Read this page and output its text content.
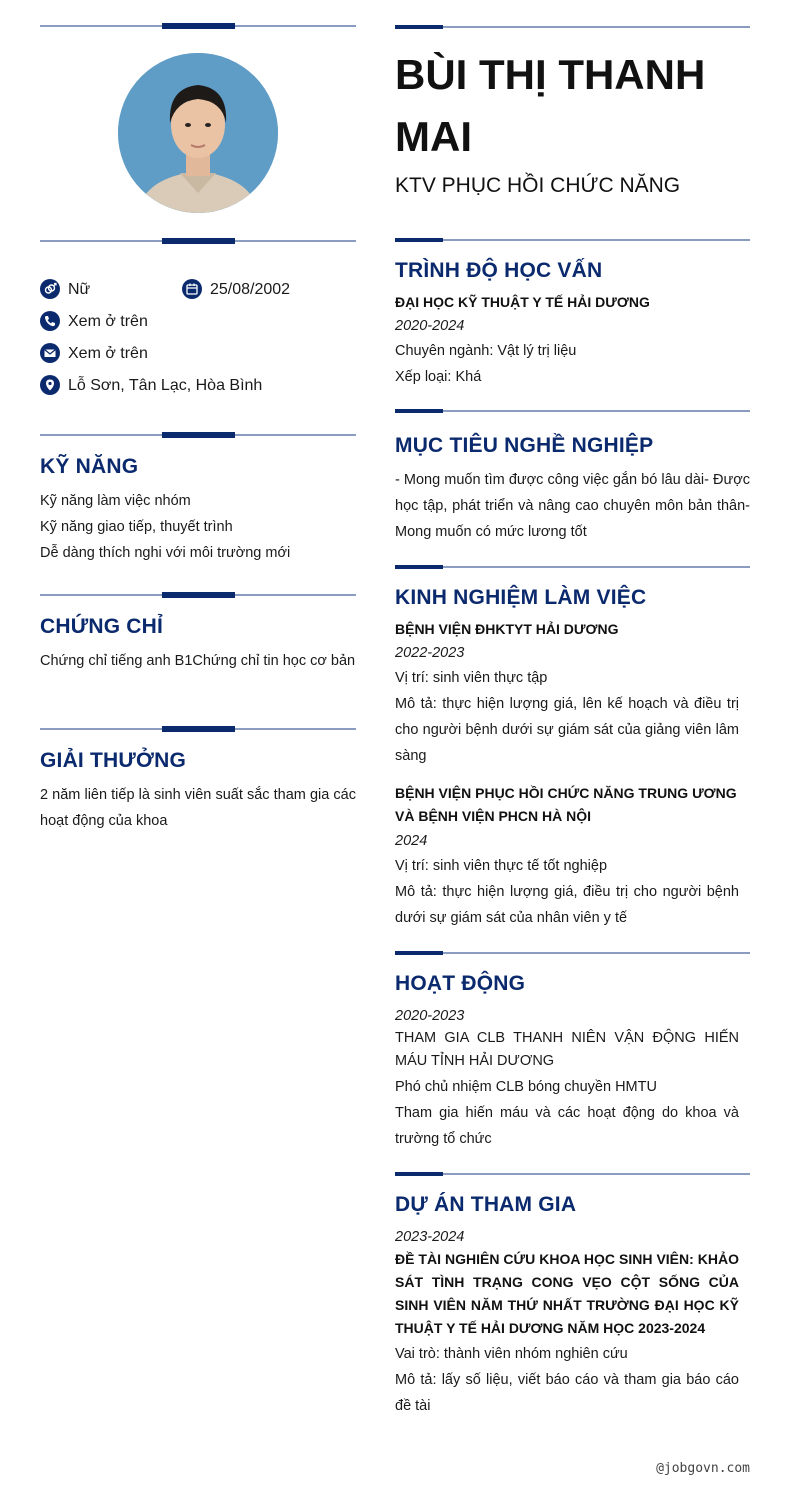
Nữ	25/08/2002
Xem ở trên
Xem ở trên
Lỗ Sơn, Tân Lạc, Hòa Bình
KỸ NĂNG
Kỹ năng làm việc nhóm
Kỹ năng giao tiếp, thuyết trình
Dễ dàng thích nghi với môi trường mới
CHỨNG CHỈ
Chứng chỉ tiếng anh B1Chứng chỉ tin học cơ bản
GIẢI THƯỞNG
2 năm liên tiếp là sinh viên suất sắc tham gia các hoạt động của khoa
BÙI THỊ THANH MAI
KTV PHỤC HỒI CHỨC NĂNG
TRÌNH ĐỘ HỌC VẤN
ĐẠI HỌC KỸ THUẬT Y TẾ HẢI DƯƠNG
2020-2024
Chuyên ngành: Vật lý trị liệu
Xếp loại: Khá
MỤC TIÊU NGHỀ NGHIỆP
- Mong muốn tìm được công việc gắn bó lâu dài- Được học tập, phát triển và nâng cao chuyên môn bản thân- Mong muốn có mức lương tốt
KINH NGHIỆM LÀM VIỆC
BỆNH VIỆN ĐHKTYT HẢI DƯƠNG
2022-2023
Vị trí: sinh viên thực tập
Mô tả: thực hiện lượng giá, lên kế hoạch và điều trị cho người bệnh dưới sự giám sát của giảng viên lâm sàng
BỆNH VIỆN PHỤC HỒI CHỨC NĂNG TRUNG ƯƠNG VÀ BỆNH VIỆN PHCN HÀ NỘI
2024
Vị trí: sinh viên thực tế tốt nghiệp
Mô tả: thực hiện lượng giá, điều trị cho người bệnh dưới sự giám sát của nhân viên y tế
HOẠT ĐỘNG
2020-2023
THAM GIA CLB THANH NIÊN VẬN ĐỘNG HIẾN MÁU TỈNH HẢI DƯƠNG
Phó chủ nhiệm CLB bóng chuyền HMTU
Tham gia hiến máu và các hoạt động do khoa và trường tổ chức
DỰ ÁN THAM GIA
2023-2024
ĐỀ TÀI NGHIÊN CỨU KHOA HỌC SINH VIÊN: KHẢO SÁT TÌNH TRẠNG CONG VẸO CỘT SỐNG CỦA SINH VIÊN NĂM THỨ NHẤT TRƯỜNG ĐẠI HỌC KỸ THUẬT Y TẾ HẢI DƯƠNG NĂM HỌC 2023-2024
Vai trò: thành viên nhóm nghiên cứu
Mô tả: lấy số liệu, viết báo cáo và tham gia báo cáo đề tài
@jobgovn.com
